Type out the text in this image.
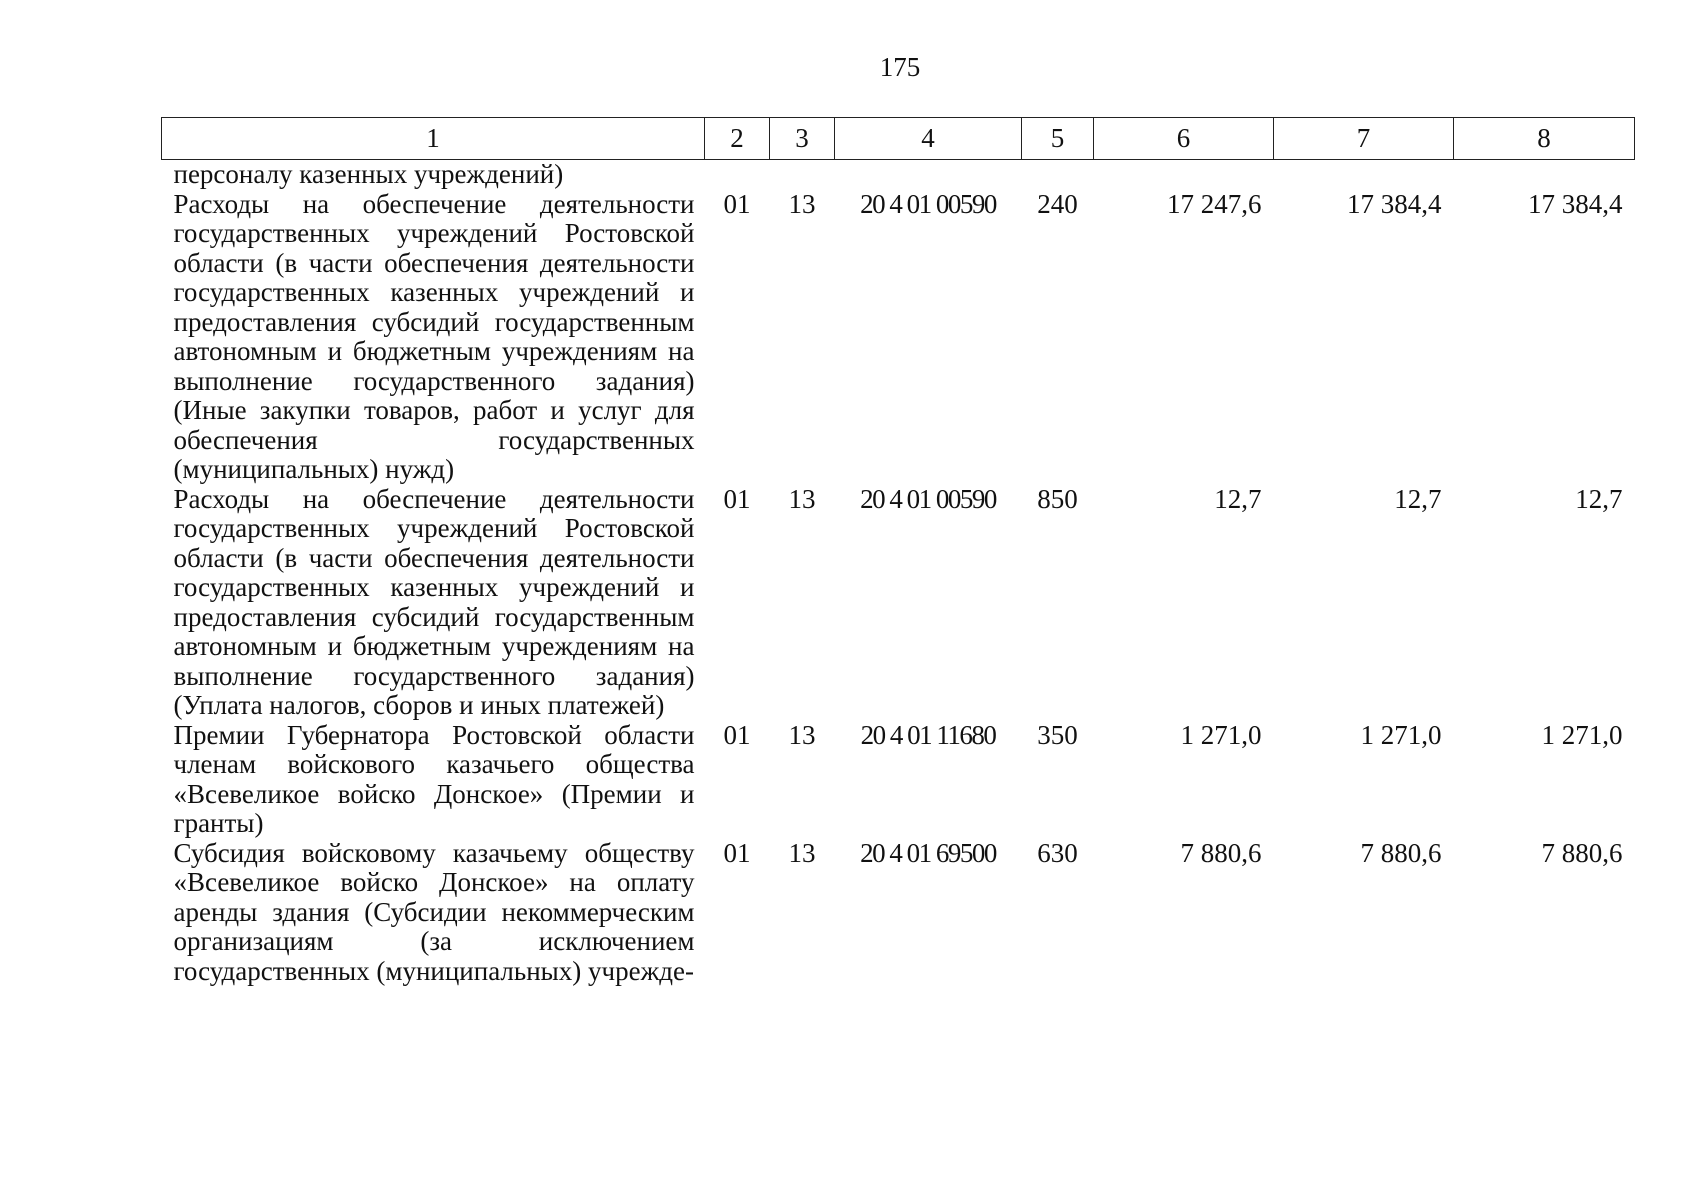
175
1	2	3	4	5	6	7	8
персоналу казенных учреждений)							
Расходы на обеспечение деятельности государственных учреждений Ростовской области (в части обеспечения деятельности государственных казенных учреждений и предоставления субсидий государственным автономным и бюджетным учреждениям на выполнение государственного задания) (Иные закупки товаров, работ и услуг для обеспечения государственных (муниципальных) нужд)	01	13	20 4 01 00590	240	17 247,6	17 384,4	17 384,4
Расходы на обеспечение деятельности государственных учреждений Ростовской области (в части обеспечения деятельности государственных казенных учреждений и предоставления субсидий государственным автономным и бюджетным учреждениям на выполнение государственного задания) (Уплата налогов, сборов и иных платежей)	01	13	20 4 01 00590	850	12,7	12,7	12,7
Премии Губернатора Ростовской области членам войскового казачьего общества «Всевеликое войско Донское» (Премии и гранты)	01	13	20 4 01 11680	350	1 271,0	1 271,0	1 271,0
Субсидия войсковому казачьему обществу «Всевеликое войско Донское» на оплату аренды здания (Субсидии некоммерческим организациям (за исключением государственных (муниципальных) учрежде-	01	13	20 4 01 69500	630	7 880,6	7 880,6	7 880,6
